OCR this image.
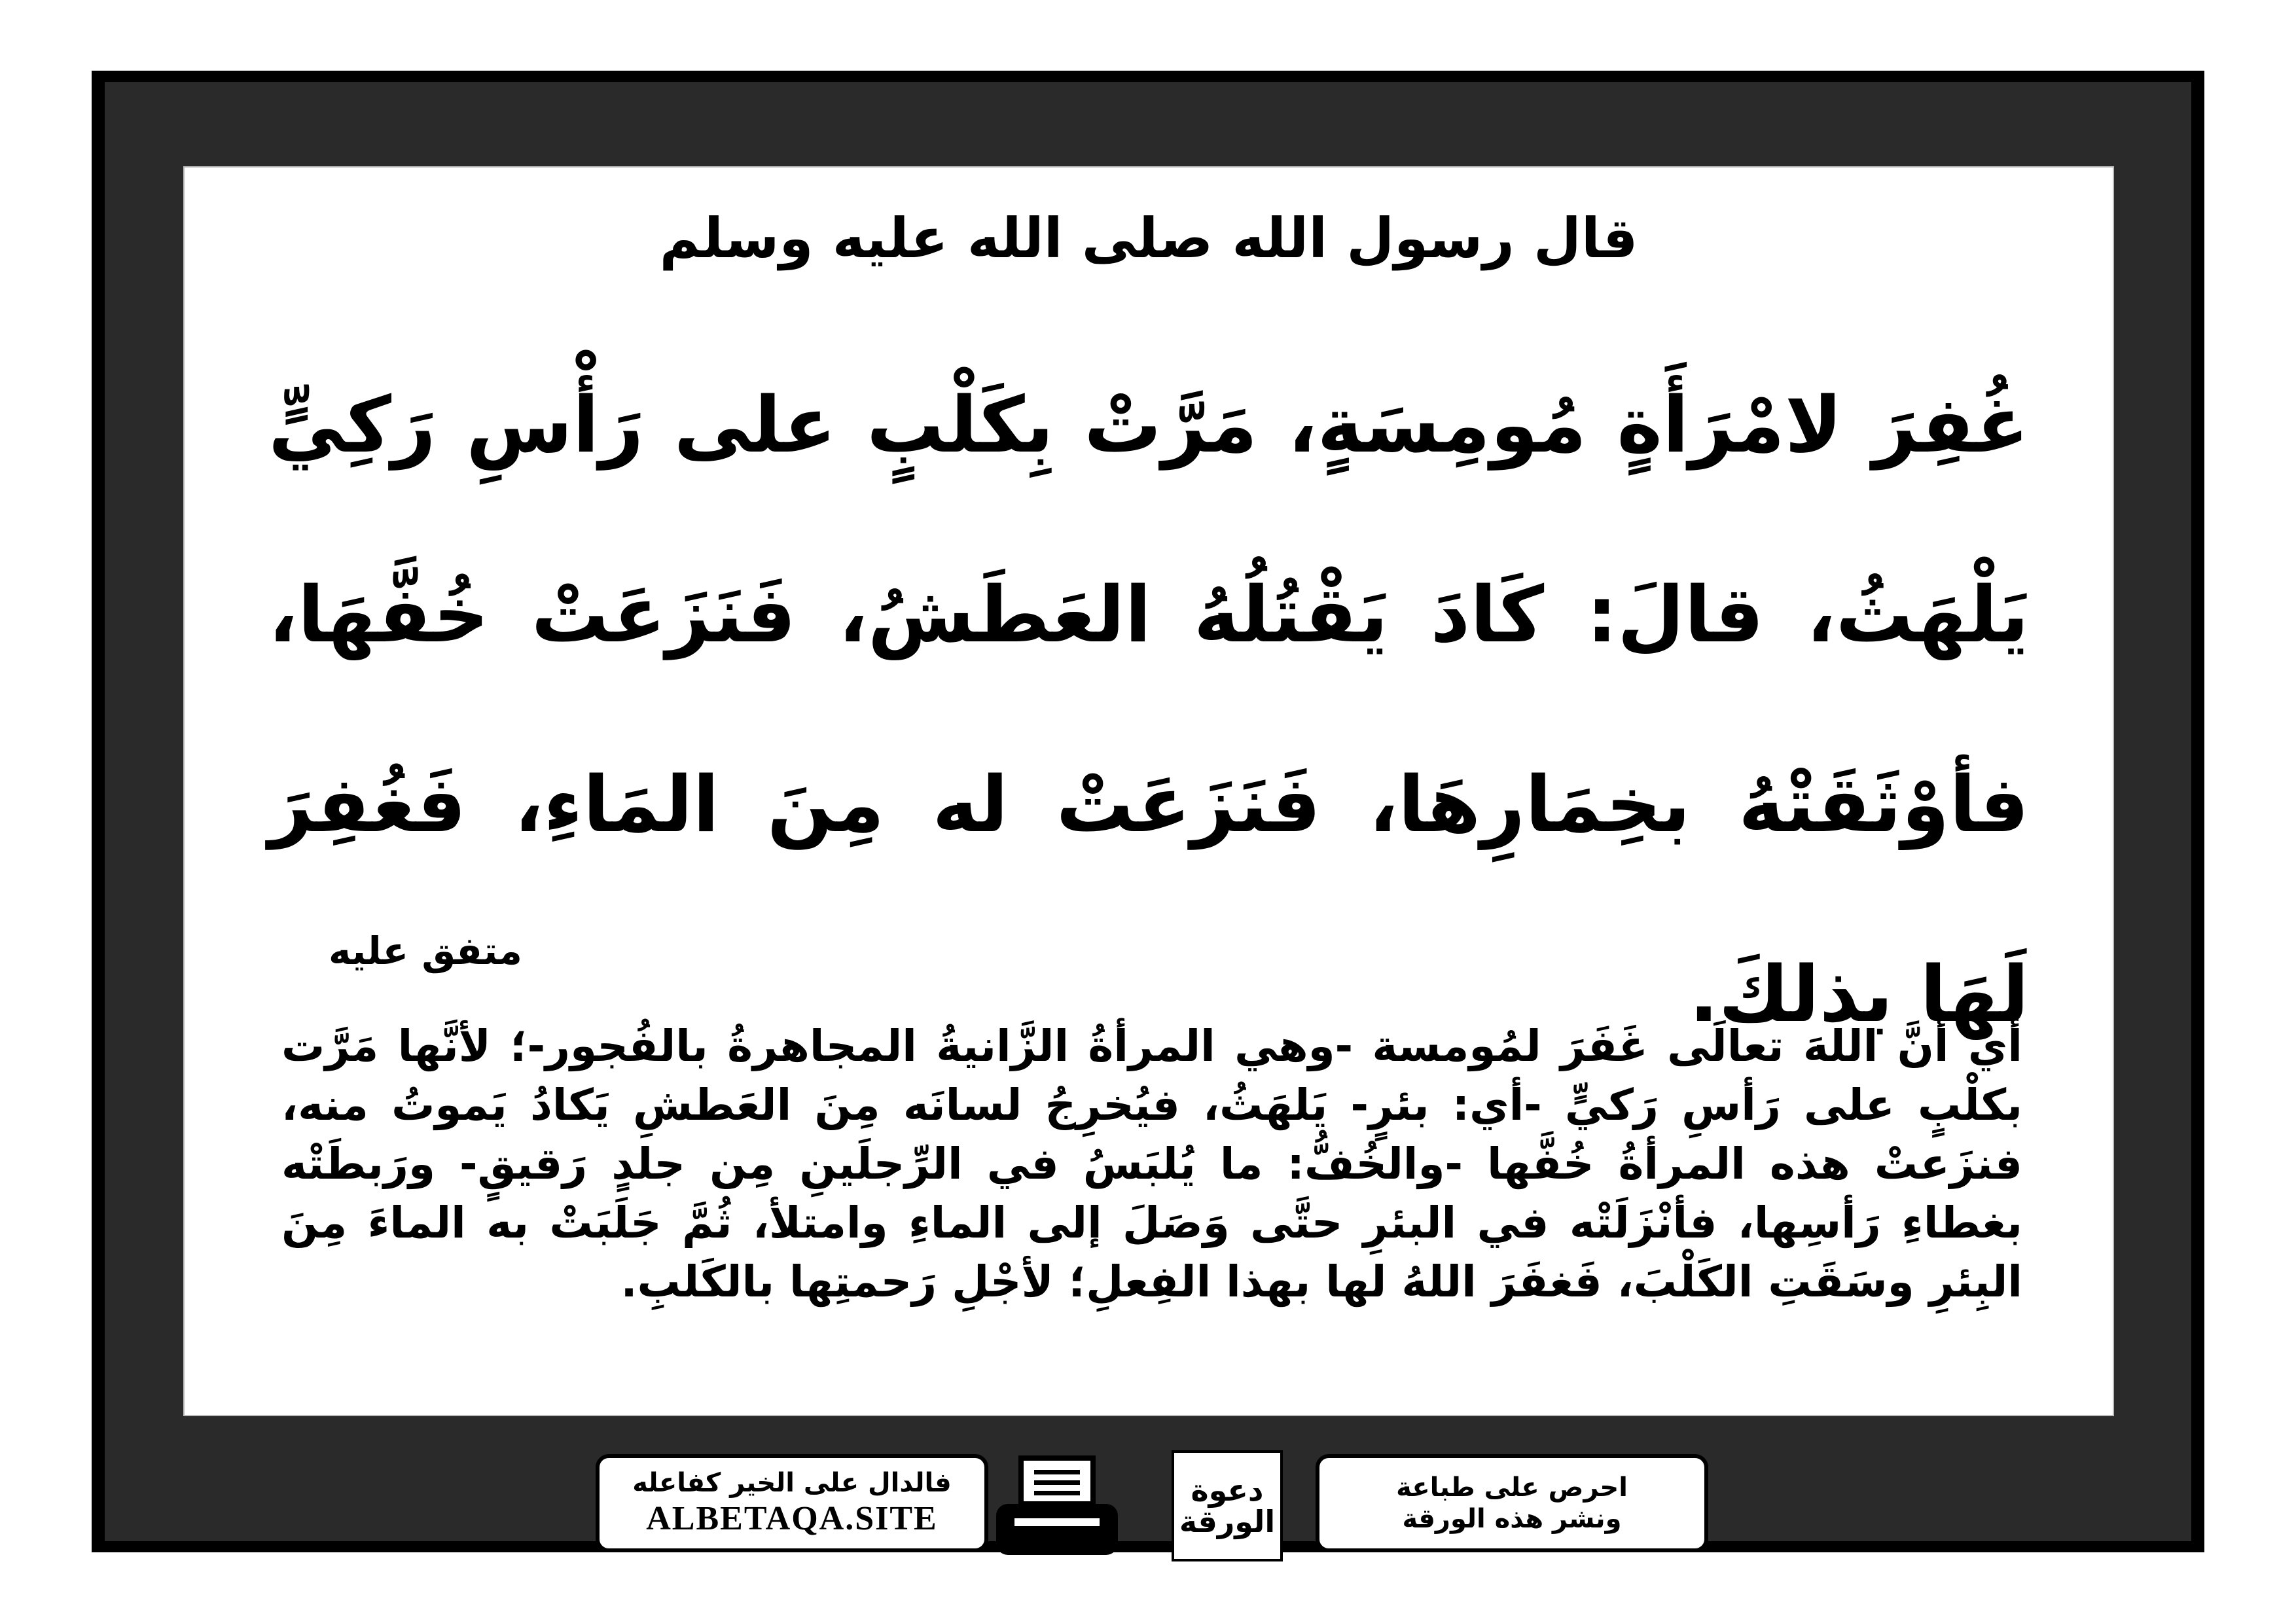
قال رسول الله صلى الله عليه وسلم
غُفِرَ لامْرَأَةٍ مُومِسَةٍ، مَرَّتْ بِكَلْبٍ على رَأْسِ رَكِيٍّ يَلْهَثُ، قالَ: كَادَ يَقْتُلُهُ العَطَشُ، فَنَزَعَتْ خُفَّهَا، فأوْثَقَتْهُ بخِمَارِهَا، فَنَزَعَتْ له مِنَ المَاءِ، فَغُفِرَ لَهَا بذلكَ.
متفق عليه
أي أنَّ اللهَ تعالَى غَفَرَ لمُومسة -وهي المرأةُ الزَّانيةُ المجاهرةُ بالفُجور-؛ لأنَّها مَرَّت بكلْبٍ على رَأسِ رَكيٍّ -أي: بئرٍ- يَلهَثُ، فيُخرِجُ لسانَه مِنَ العَطشِ يَكادُ يَموتُ منه، فنزَعتْ هذه المرأةُ خُفَّها -والخُفُّ: ما يُلبَسُ في الرِّجلَينِ مِن جلدٍ رَقيقٍ- ورَبطَتْه بغطاءِ رَأسِها، فأنْزَلَتْه في البئرِ حتَّى وَصَلَ إلى الماءِ وامتلأ، ثُمَّ جَلَبَتْ به الماءَ مِنَ البِئرِ وسَقَتِ الكَلْبَ، فَغفَرَ اللهُ لها بهذا الفِعلِ؛ لأجْلِ رَحمتِها بالكَلبِ.
فالدال على الخير كفاعله
ALBETAQA.SITE
دعوة
الورقة
احرص على طباعة
ونشر هذه الورقة
